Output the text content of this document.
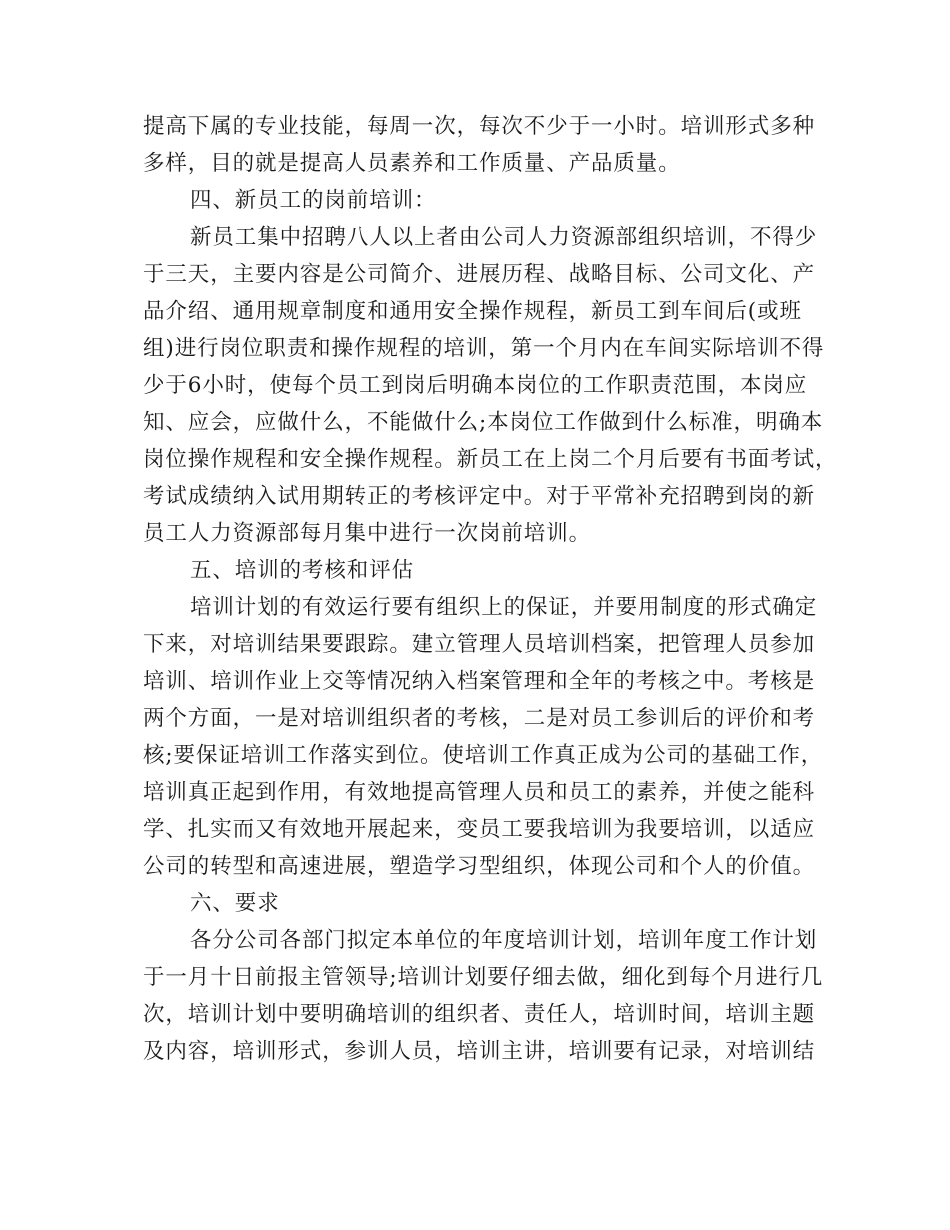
提高下属的专业技能，每周一次，每次不少于一小时。培训形式多种
多样，目的就是提高人员素养和工作质量、产品质量。
四、新员工的岗前培训：
新员工集中招聘八人以上者由公司人力资源部组织培训，不得少
于三天，主要内容是公司简介、进展历程、战略目标、公司文化、产
品介绍、通用规章制度和通用安全操作规程，新员工到车间后(或班
组)进行岗位职责和操作规程的培训，第一个月内在车间实际培训不得
少于6小时，使每个员工到岗后明确本岗位的工作职责范围，本岗应
知、应会，应做什么，不能做什么;本岗位工作做到什么标准，明确本
岗位操作规程和安全操作规程。新员工在上岗二个月后要有书面考试，
考试成绩纳入试用期转正的考核评定中。对于平常补充招聘到岗的新
员工人力资源部每月集中进行一次岗前培训。
五、培训的考核和评估
培训计划的有效运行要有组织上的保证，并要用制度的形式确定
下来，对培训结果要跟踪。建立管理人员培训档案，把管理人员参加
培训、培训作业上交等情况纳入档案管理和全年的考核之中。考核是
两个方面，一是对培训组织者的考核，二是对员工参训后的评价和考
核;要保证培训工作落实到位。使培训工作真正成为公司的基础工作，
培训真正起到作用，有效地提高管理人员和员工的素养，并使之能科
学、扎实而又有效地开展起来，变员工要我培训为我要培训，以适应
公司的转型和高速进展，塑造学习型组织，体现公司和个人的价值。
六、要求
各分公司各部门拟定本单位的年度培训计划，培训年度工作计划
于一月十日前报主管领导;培训计划要仔细去做，细化到每个月进行几
次，培训计划中要明确培训的组织者、责任人，培训时间，培训主题
及内容，培训形式，参训人员，培训主讲，培训要有记录，对培训结
